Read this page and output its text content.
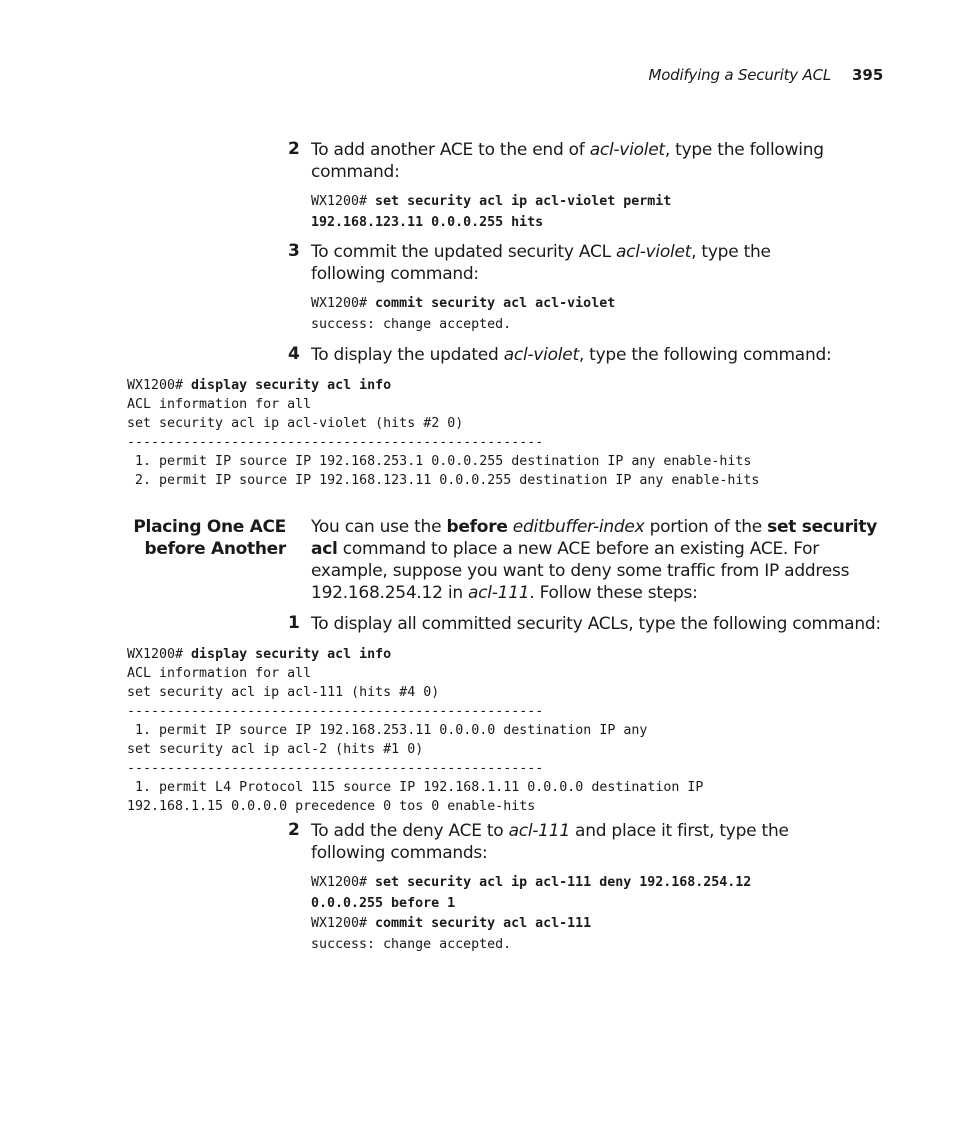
Modifying a Security ACL 395
2 To add another ACE to the end of acl-violet, type the following command:
WX1200# set security acl ip acl-violet permit
192.168.123.11 0.0.0.255 hits
3 To commit the updated security ACL acl-violet, type the following command:
WX1200# commit security acl acl-violet
success: change accepted.
4 To display the updated acl-violet, type the following command:
WX1200# display security acl info
ACL information for all
set security acl ip acl-violet (hits #2 0)
----------------------------------------------------
1. permit IP source IP 192.168.253.1 0.0.0.255 destination IP any enable-hits
2. permit IP source IP 192.168.123.11 0.0.0.255 destination IP any enable-hits
Placing One ACE
before Another
You can use the before editbuffer-index portion of the set security acl command to place a new ACE before an existing ACE. For example, suppose you want to deny some traffic from IP address 192.168.254.12 in acl-111. Follow these steps:
1 To display all committed security ACLs, type the following command:
WX1200# display security acl info
ACL information for all
set security acl ip acl-111 (hits #4 0)
----------------------------------------------------
1. permit IP source IP 192.168.253.11 0.0.0.0 destination IP any
set security acl ip acl-2 (hits #1 0)
----------------------------------------------------
1. permit L4 Protocol 115 source IP 192.168.1.11 0.0.0.0 destination IP
192.168.1.15 0.0.0.0 precedence 0 tos 0 enable-hits
2 To add the deny ACE to acl-111 and place it first, type the following commands:
WX1200# set security acl ip acl-111 deny 192.168.254.12
0.0.0.255 before 1
WX1200# commit security acl acl-111
success: change accepted.
